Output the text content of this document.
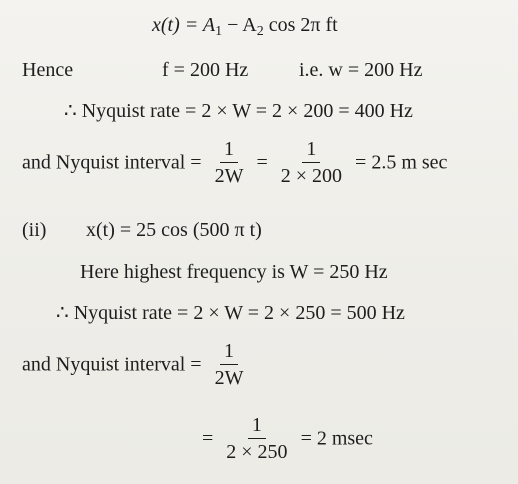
$x(t) = A_1 - A_2$ cos 2π ft
Hence	f = 200 Hz	i.e. w = 200 Hz
∴ Nyquist rate = 2 × W = 2 × 200 = 400 Hz
and Nyquist interval = $\frac{1}{2W} = \frac{1}{2 \times 200} = 2.5$ m sec
(ii) x(t) = 25 cos (500 π t)
Here highest frequency is W = 250 Hz
∴ Nyquist rate = 2 × W = 2 × 250 = 500 Hz
and Nyquist interval = $\frac{1}{2W}$
= $\frac{1}{2 \times 250} = 2$ msec
